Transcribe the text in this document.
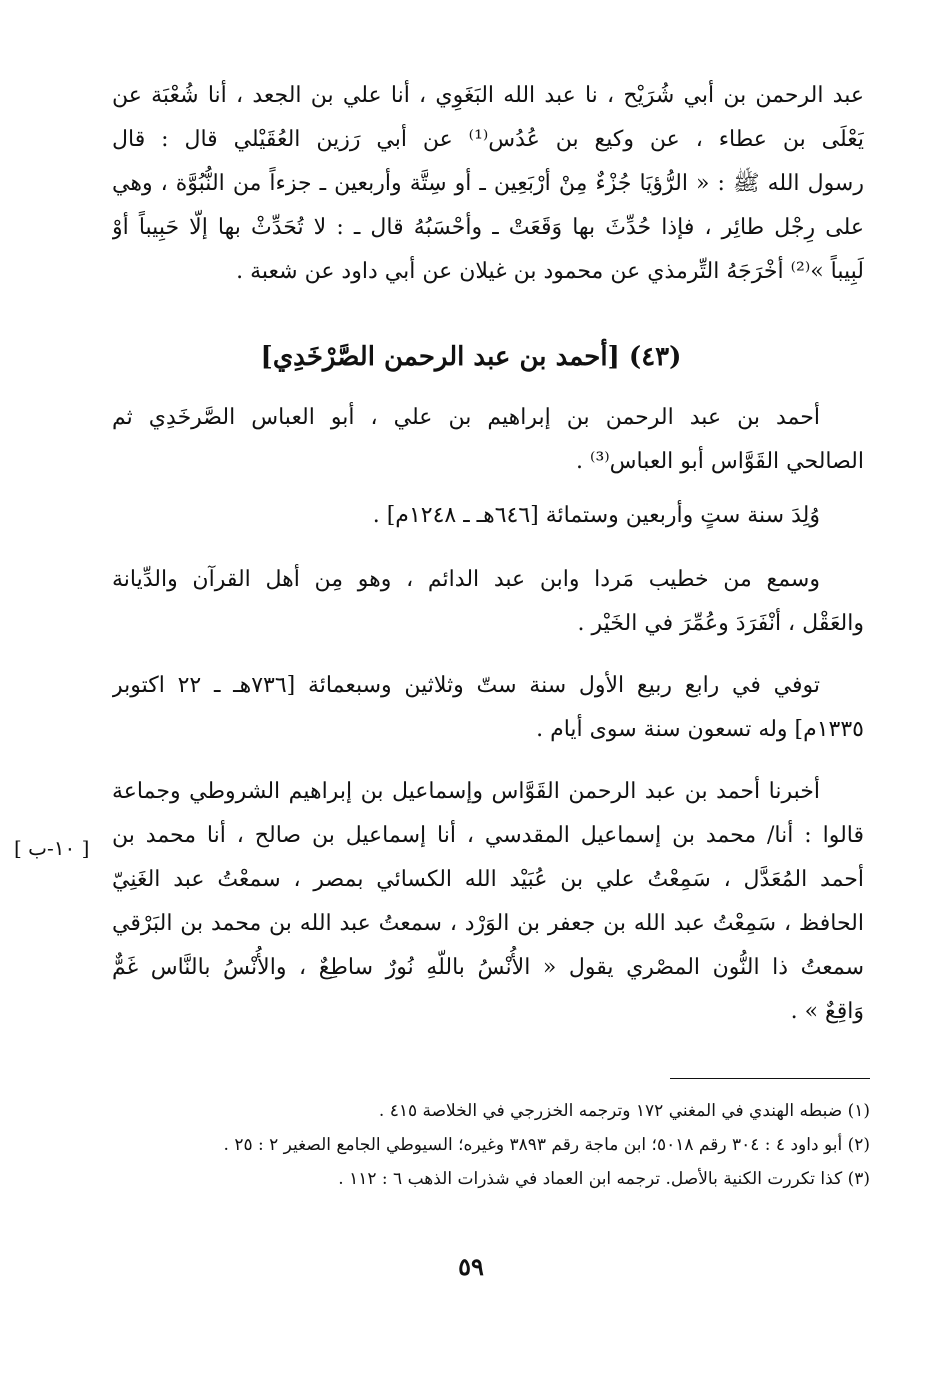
عبد الرحمن بن أبي شُرَيْح ، نا عبد الله البَغَوِي ، أنا علي بن الجعد ، أنا شُعْبَة عن
يَعْلَى بن عطاء ، عن وكيع بن عُدُس⁽¹⁾ عن أبي رَزين العُقَيْلي قال : قال
رسول الله ﷺ : « الرُّؤيَا جُزْءٌ مِنْ أرْبَعِين ـ أو سِتَّة وأربعين ـ جزءاً من النُّبُوَّة ، وهي
على رِجْل طائِر ، فإذا حُدِّثَ بها وَقَعَتْ ـ وأحْسَبُهُ قال ـ : لا تُحَدِّثْ بها إلّا حَبِيباً أوْ
لَبِيباً »⁽²⁾ أخْرَجَهُ التِّرمذي عن محمود بن غيلان عن أبي داود عن شعبة .
(٤٣) [أحمد بن عبد الرحمن الصَّرْخَدِي]
أحمد بن عبد الرحمن بن إبراهيم بن علي ، أبو العباس الصَّرخَدِي ثم
الصالحي القَوَّاس أبو العباس⁽³⁾ .
وُلِدَ سنة ستٍ وأربعين وستمائة [٦٤٦هـ ـ ١٢٤٨م] .
وسمع من خطيب مَردا وابن عبد الدائم ، وهو مِن أهل القرآن والدِّيانة
والعَقْل ، أنْفَرَدَ وعُمِّرَ في الخَيْر .
توفي في رابع ربيع الأول سنة ستّ وثلاثين وسبعمائة [٧٣٦هـ ـ ٢٢ اكتوبر
١٣٣٥م] وله تسعون سنة سوى أيام .
أخبرنا أحمد بن عبد الرحمن القَوَّاس وإسماعيل بن إبراهيم الشروطي وجماعة
قالوا : أنا/ محمد بن إسماعيل المقدسي ، أنا إسماعيل بن صالح ، أنا محمد بن
أحمد المُعَدَّل ، سَمِعْتُ علي بن عُبَيْد الله الكسائي بمصر ، سمعْتُ عبد الغَنِيّ
الحافظ ، سَمِعْتُ عبد الله بن جعفر بن الوَرْد ، سمعتُ عبد الله بن محمد بن البَرْقي
سمعتُ ذا النُّون المصْري يقول « الأُنْسُ باللّهِ نُورٌ ساطِعٌ ، والأُنْسُ بالنَّاس غَمٌّ
وَاقِعٌ » .
[ ١٠-ب ]
(١) ضبطه الهندي في المغني ١٧٢ وترجمه الخزرجي في الخلاصة ٤١٥ .
(٢) أبو داود ٤ : ٣٠٤ رقم ٥٠١٨؛ ابن ماجة رقم ٣٨٩٣ وغيره؛ السيوطي الجامع الصغير ٢ : ٢٥ .
(٣) كذا تكررت الكنية بالأصل. ترجمه ابن العماد في شذرات الذهب ٦ : ١١٢ .
٥٩
